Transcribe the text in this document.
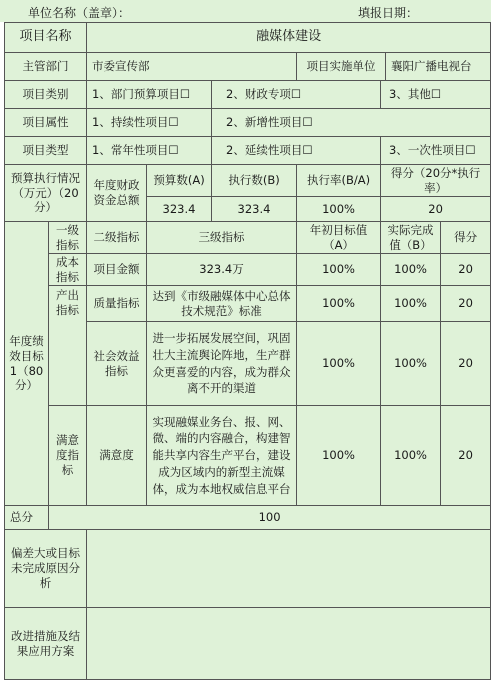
单位名称（盖章）：	填报日期：
项目名称		融媒体建设						
主管部门		市委宣传部			项目实施单位		襄阳广播电视台	
项目类别		1、部门预算项目☐		2、财政专项☐		3、其他☐		
项目属性		1、持续性项目☐		2、新增性项目☐				
项目类型		1、常年性项目☐		2、延续性项目☐		3、一次性项目☐		
预算执行情况（万元）（20分）		年度财政资金总额	预算数(A)	执行数(B)	执行率(B/A)	得分（20分*执行率）		
			323.4	323.4	100%	20		
年度绩效目标1（80分）	一级指标	二级指标	三级指标		年初目标值（A）	实际完成值（B）		得分
	成本指标	项目金额	323.4万		100%	100%		20
	产出指标	质量指标	达到《市级融媒体中心总体技术规范》标准		100%	100%		20
		社会效益指标	进一步拓展发展空间，巩固壮大主流舆论阵地，生产群众更喜爱的内容，成为群众离不开的渠道		100%	100%		20
	满意度指标	满意度	实现融媒业务台、报、网、微、端的内容融合，构建智能共享内容生产平台，建设成为区域内的新型主流媒体，成为本地权威信息平台		100%	100%		20
总分	100							
偏差大或目标未完成原因分析								
改进措施及结果应用方案								
